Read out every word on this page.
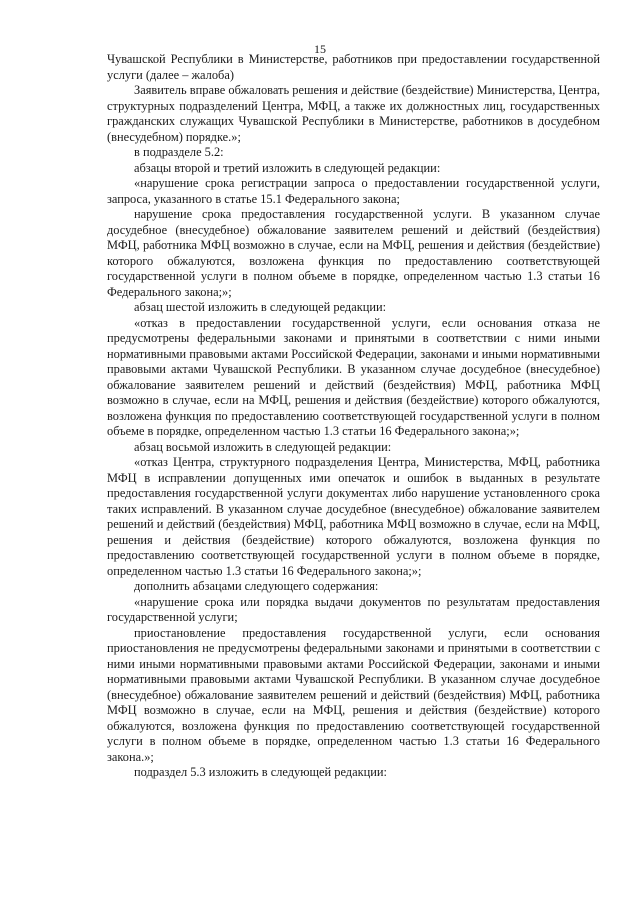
15

Чувашской Республики в Министерстве, работников при предоставлении государственной услуги (далее – жалоба)

Заявитель вправе обжаловать решения и действие (бездействие) Министерства, Центра, структурных подразделений Центра, МФЦ, а также их должностных лиц, государственных гражданских служащих Чувашской Республики в Министерстве, работников в досудебном (внесудебном) порядке.»;

в подразделе 5.2:

абзацы второй и третий изложить в следующей редакции:

«нарушение срока регистрации запроса о предоставлении государственной услуги, запроса, указанного в статье 15.1 Федерального закона;

нарушение срока предоставления государственной услуги. В указанном случае досудебное (внесудебное) обжалование заявителем решений и действий (бездействия) МФЦ, работника МФЦ возможно в случае, если на МФЦ, решения и действия (бездействие) которого обжалуются, возложена функция по предоставлению соответствующей государственной услуги в полном объеме в порядке, определенном частью 1.3 статьи 16 Федерального закона;»;

абзац шестой изложить в следующей редакции:

«отказ в предоставлении государственной услуги, если основания отказа не предусмотрены федеральными законами и принятыми в соответствии с ними иными нормативными правовыми актами Российской Федерации, законами и иными нормативными правовыми актами Чувашской Республики. В указанном случае досудебное (внесудебное) обжалование заявителем решений и действий (бездействия) МФЦ, работника МФЦ возможно в случае, если на МФЦ, решения и действия (бездействие) которого обжалуются, возложена функция по предоставлению соответствующей государственной услуги в полном объеме в порядке, определенном частью 1.3 статьи 16 Федерального закона;»;

абзац восьмой изложить в следующей редакции:

«отказ Центра, структурного подразделения Центра, Министерства, МФЦ, работника МФЦ в исправлении допущенных ими опечаток и ошибок в выданных в результате предоставления государственной услуги документах либо нарушение установленного срока таких исправлений. В указанном случае досудебное (внесудебное) обжалование заявителем решений и действий (бездействия) МФЦ, работника МФЦ возможно в случае, если на МФЦ, решения и действия (бездействие) которого обжалуются, возложена функция по предоставлению соответствующей государственной услуги в полном объеме в порядке, определенном частью 1.3 статьи 16 Федерального закона;»;

дополнить абзацами следующего содержания:

«нарушение срока или порядка выдачи документов по результатам предоставления государственной услуги;

приостановление предоставления государственной услуги, если основания приостановления не предусмотрены федеральными законами и принятыми в соответствии с ними иными нормативными правовыми актами Российской Федерации, законами и иными нормативными правовыми актами Чувашской Республики. В указанном случае досудебное (внесудебное) обжалование заявителем решений и действий (бездействия) МФЦ, работника МФЦ возможно в случае, если на МФЦ, решения и действия (бездействие) которого обжалуются, возложена функция по предоставлению соответствующей государственной услуги в полном объеме в порядке, определенном частью 1.3 статьи 16 Федерального закона.»;

подраздел 5.3 изложить в следующей редакции:
